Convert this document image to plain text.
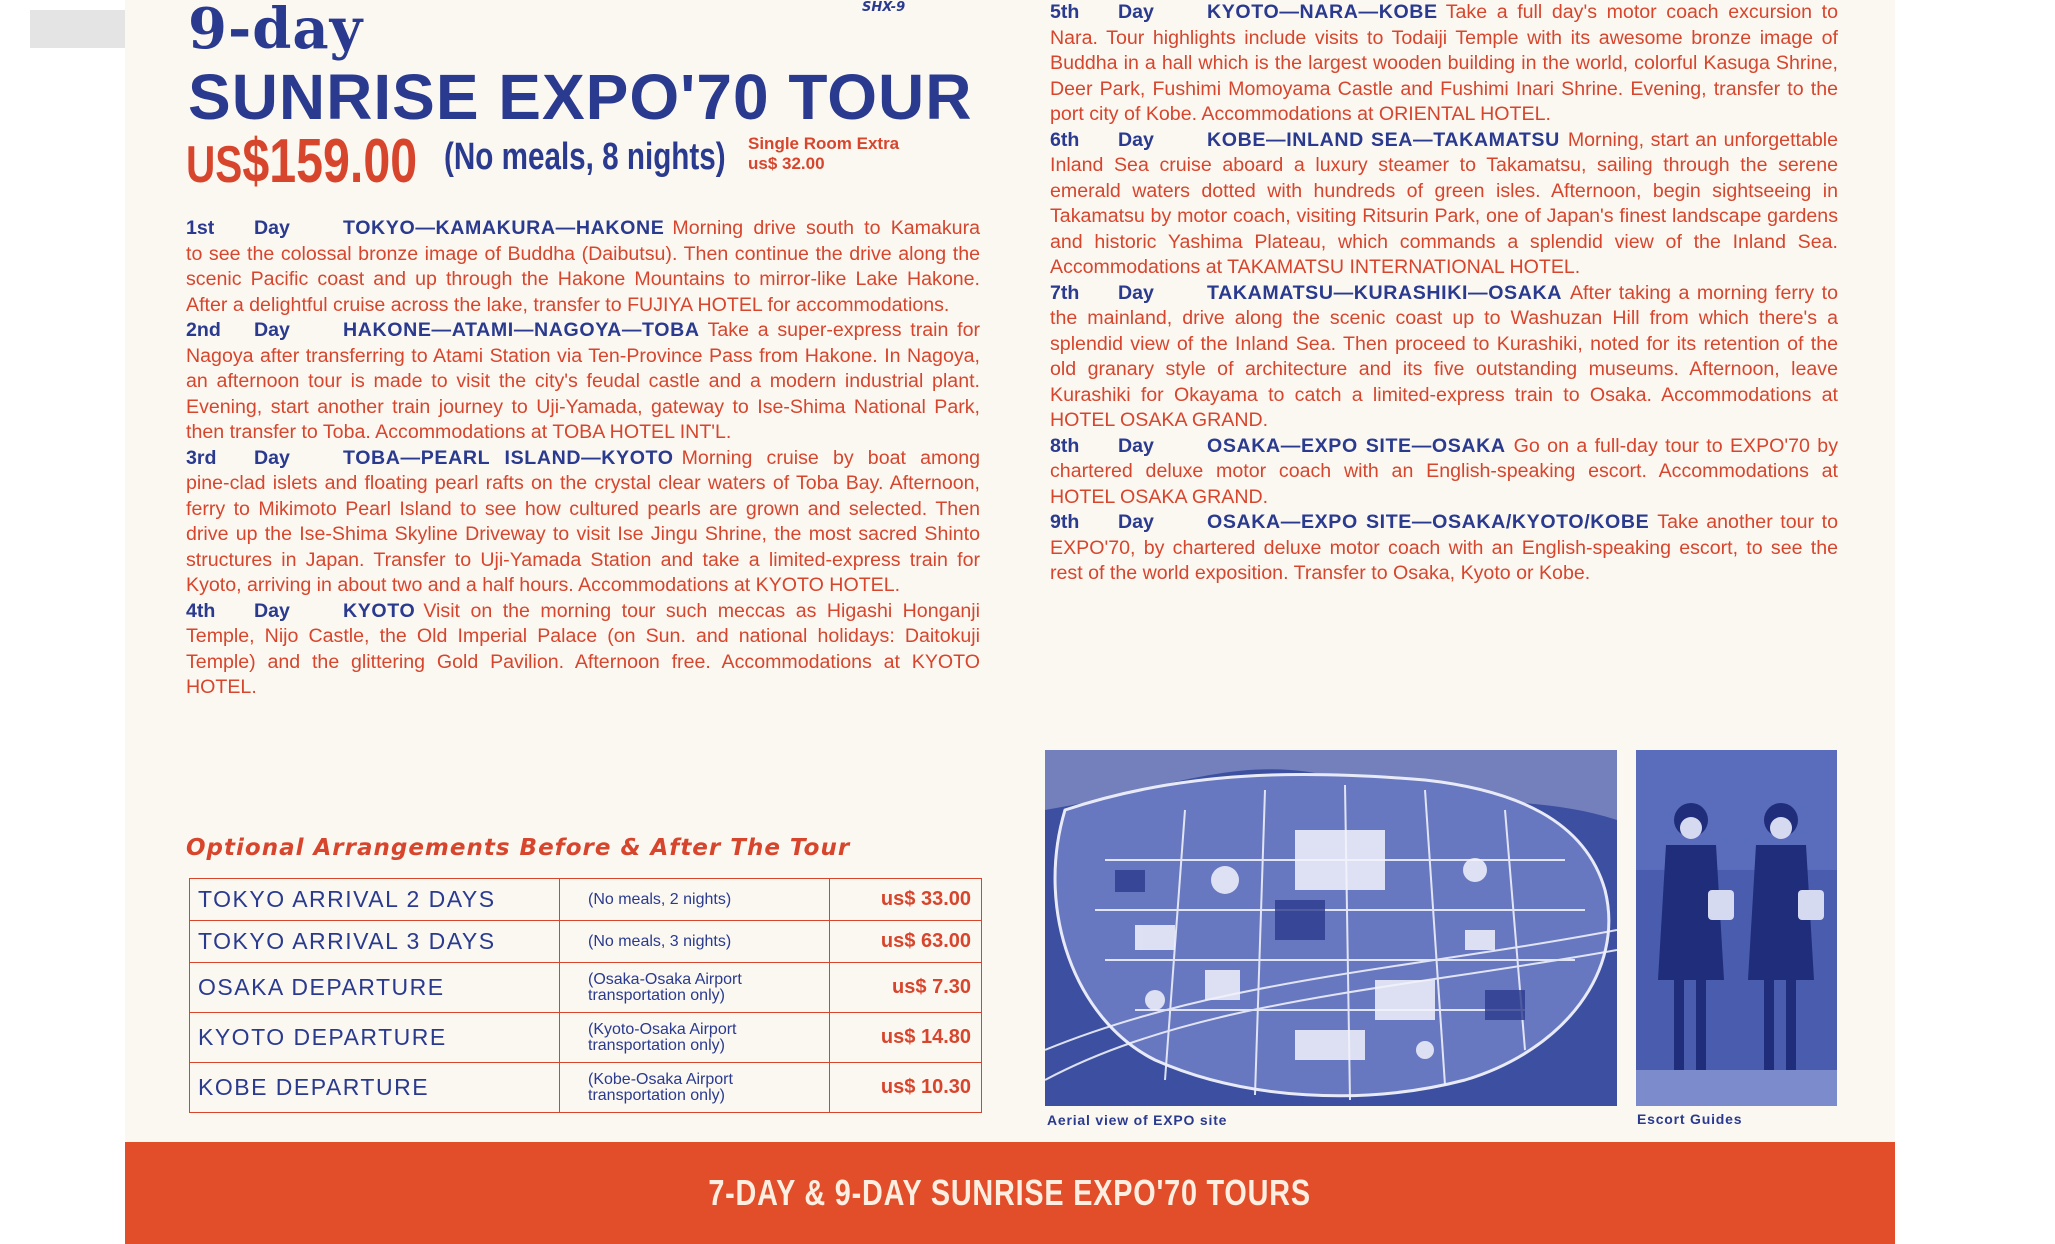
9-day	SHX-9
SUNRISE EXPO'70 TOUR
US$159.00 (No meals, 8 nights) Single Room Extra
us$ 32.00

1st Day	TOKYO—KAMAKURA—HAKONE Morning drive south to Kamakura to see the colossal bronze image of Buddha (Daibutsu). Then continue the drive along the scenic Pacific coast and up through the Hakone Mountains to mirror-like Lake Hakone. After a delightful cruise across the lake, transfer to FUJIYA HOTEL for accommodations.

2nd Day	HAKONE—ATAMI—NAGOYA—TOBA Take a super-express train for Nagoya after transferring to Atami Station via Ten-Province Pass from Hakone. In Nagoya, an afternoon tour is made to visit the city's feudal castle and a modern industrial plant. Evening, start another train journey to Uji-Yamada, gateway to Ise-Shima National Park, then transfer to Toba. Accommodations at TOBA HOTEL INT'L.

3rd Day	TOBA—PEARL ISLAND—KYOTO Morning cruise by boat among pine-clad islets and floating pearl rafts on the crystal clear waters of Toba Bay. Afternoon, ferry to Mikimoto Pearl Island to see how cultured pearls are grown and selected. Then drive up the Ise-Shima Skyline Driveway to visit Ise Jingu Shrine, the most sacred Shinto structures in Japan. Transfer to Uji-Yamada Station and take a limited-express train for Kyoto, arriving in about two and a half hours. Accommodations at KYOTO HOTEL.

4th Day	KYOTO Visit on the morning tour such meccas as Higashi Honganji Temple, Nijo Castle, the Old Imperial Palace (on Sun. and national holidays: Daitokuji Temple) and the glittering Gold Pavilion. Afternoon free. Accommodations at KYOTO HOTEL.

5th Day	KYOTO—NARA—KOBE Take a full day's motor coach excursion to Nara. Tour highlights include visits to Todaiji Temple with its awesome bronze image of Buddha in a hall which is the largest wooden building in the world, colorful Kasuga Shrine, Deer Park, Fushimi Momoyama Castle and Fushimi Inari Shrine. Evening, transfer to the port city of Kobe. Accommodations at ORIENTAL HOTEL.

6th Day	KOBE—INLAND SEA—TAKAMATSU Morning, start an unforgettable Inland Sea cruise aboard a luxury steamer to Takamatsu, sailing through the serene emerald waters dotted with hundreds of green isles. Afternoon, begin sightseeing in Takamatsu by motor coach, visiting Ritsurin Park, one of Japan's finest landscape gardens and historic Yashima Plateau, which commands a splendid view of the Inland Sea. Accommodations at TAKAMATSU INTERNATIONAL HOTEL.

7th Day	TAKAMATSU—KURASHIKI—OSAKA After taking a morning ferry to the mainland, drive along the scenic coast up to Washuzan Hill from which there's a splendid view of the Inland Sea. Then proceed to Kurashiki, noted for its retention of the old granary style of architecture and its five outstanding museums. Afternoon, leave Kurashiki for Okayama to catch a limited-express train to Osaka. Accommodations at HOTEL OSAKA GRAND.

8th Day	OSAKA—EXPO SITE—OSAKA Go on a full-day tour to EXPO'70 by chartered deluxe motor coach with an English-speaking escort. Accommodations at HOTEL OSAKA GRAND.

9th Day	OSAKA—EXPO SITE—OSAKA/KYOTO/KOBE Take another tour to EXPO'70, by chartered deluxe motor coach with an English-speaking escort, to see the rest of the world exposition. Transfer to Osaka, Kyoto or Kobe.

Optional Arrangements Before & After The Tour
TOKYO ARRIVAL 2 DAYS	(No meals, 2 nights)	us$ 33.00
TOKYO ARRIVAL 3 DAYS	(No meals, 3 nights)	us$ 63.00
OSAKA DEPARTURE	(Osaka-Osaka Airport transportation only)	us$ 7.30
KYOTO DEPARTURE	(Kyoto-Osaka Airport transportation only)	us$ 14.80
KOBE DEPARTURE	(Kobe-Osaka Airport transportation only)	us$ 10.30
Aerial view of EXPO site	Escort Guides
7-DAY & 9-DAY SUNRISE EXPO'70 TOURS
